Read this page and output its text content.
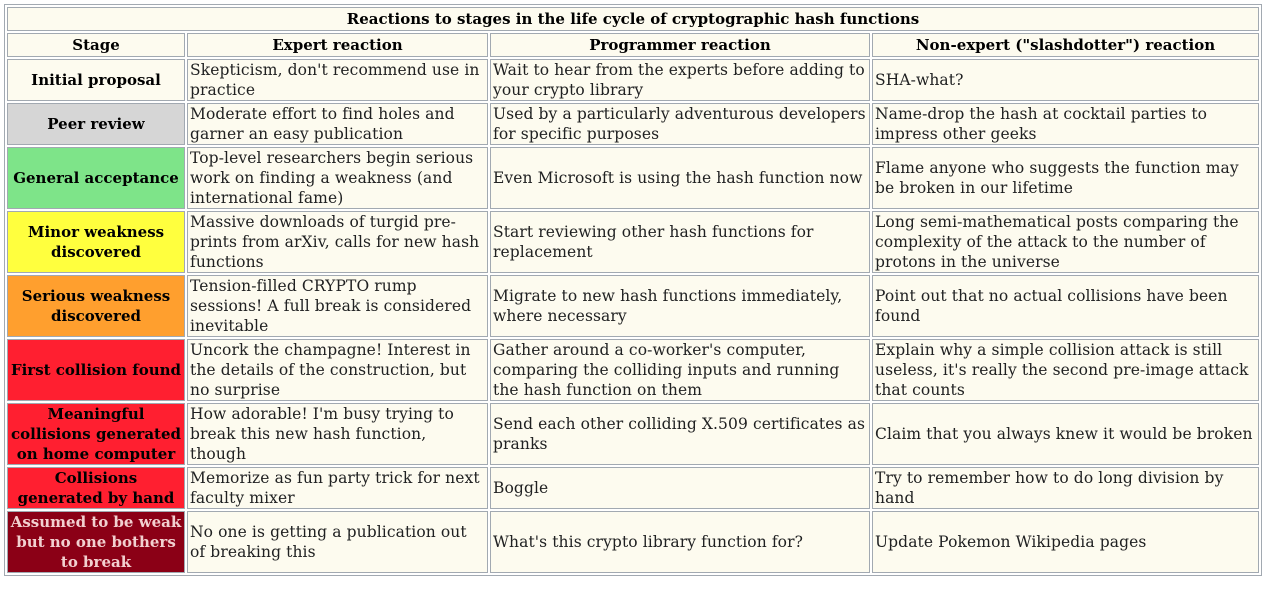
Reactions to stages in the life cycle of cryptographic hash functions			
Stage	Expert reaction	Programmer reaction	Non-expert ("slashdotter") reaction
Initial proposal	Skepticism, don't recommend use in practice	Wait to hear from the experts before adding to your crypto library	SHA-what?
Peer review	Moderate effort to find holes and garner an easy publication	Used by a particularly adventurous developers for specific purposes	Name-drop the hash at cocktail parties to impress other geeks
General acceptance	Top-level researchers begin serious work on finding a weakness (and international fame)	Even Microsoft is using the hash function now	Flame anyone who suggests the function may be broken in our lifetime
Minor weakness discovered	Massive downloads of turgid pre-prints from arXiv, calls for new hash functions	Start reviewing other hash functions for replacement	Long semi-mathematical posts comparing the complexity of the attack to the number of protons in the universe
Serious weakness discovered	Tension-filled CRYPTO rump sessions! A full break is considered inevitable	Migrate to new hash functions immediately, where necessary	Point out that no actual collisions have been found
First collision found	Uncork the champagne! Interest in the details of the construction, but no surprise	Gather around a co-worker's computer, comparing the colliding inputs and running the hash function on them	Explain why a simple collision attack is still useless, it's really the second pre-image attack that counts
Meaningful collisions generated on home computer	How adorable! I'm busy trying to break this new hash function, though	Send each other colliding X.509 certificates as pranks	Claim that you always knew it would be broken
Collisions generated by hand	Memorize as fun party trick for next faculty mixer	Boggle	Try to remember how to do long division by hand
Assumed to be weak but no one bothers to break	No one is getting a publication out of breaking this	What's this crypto library function for?	Update Pokemon Wikipedia pages
